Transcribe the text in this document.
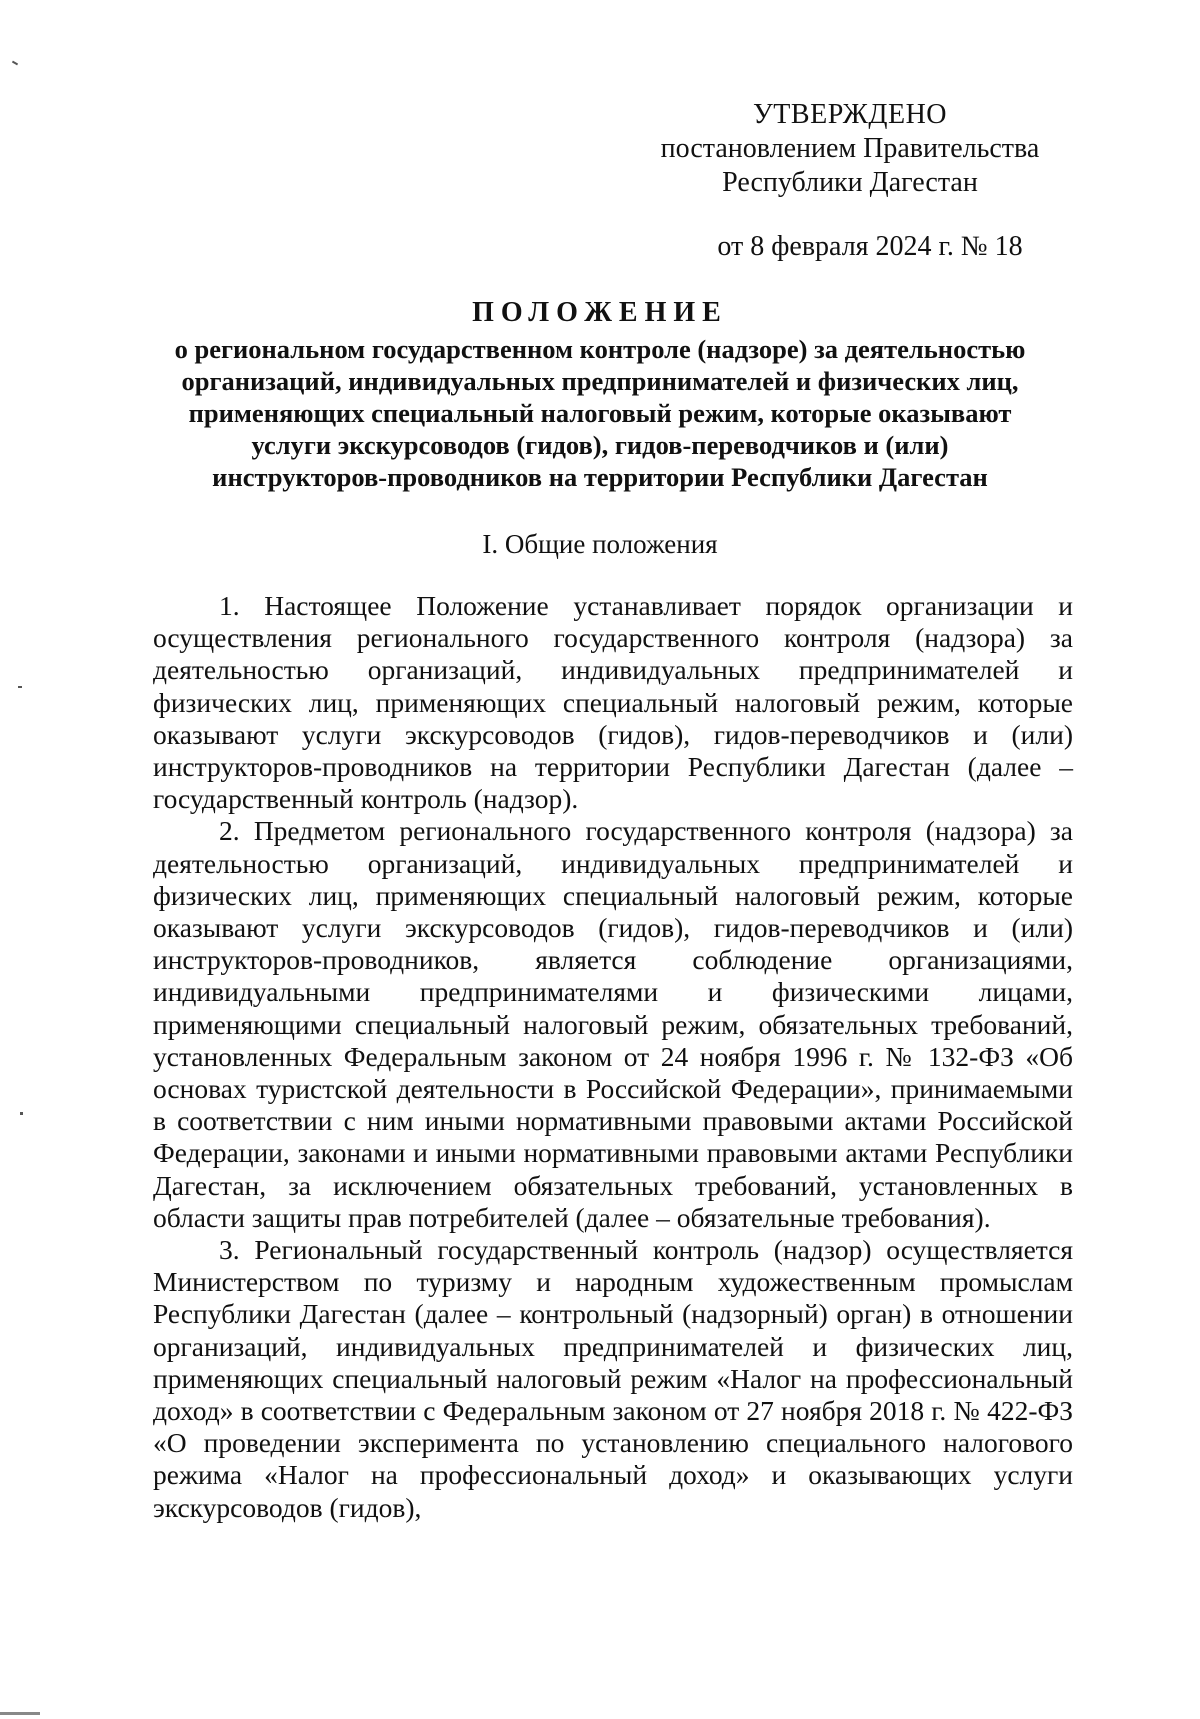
УТВЕРЖДЕНО
постановлением Правительства
Республики Дагестан
от 8 февраля 2024 г. № 18
ПОЛОЖЕНИЕ
о региональном государственном контроле (надзоре) за деятельностью
организаций, индивидуальных предпринимателей и физических лиц,
применяющих специальный налоговый режим, которые оказывают
услуги экскурсоводов (гидов), гидов-переводчиков и (или)
инструкторов-проводников на территории Республики Дагестан
I. Общие положения

1. Настоящее Положение устанавливает порядок организации и осуществления регионального государственного контроля (надзора) за деятельностью организаций, индивидуальных предпринимателей и физических лиц, применяющих специальный налоговый режим, которые оказывают услуги экскурсоводов (гидов), гидов-переводчиков и (или) инструкторов-проводников на территории Республики Дагестан (далее – государственный контроль (надзор).

2. Предметом регионального государственного контроля (надзора) за деятельностью организаций, индивидуальных предпринимателей и физических лиц, применяющих специальный налоговый режим, которые оказывают услуги экскурсоводов (гидов), гидов-переводчиков и (или) инструкторов-проводников, является соблюдение организациями, индивидуальными предпринимателями и физическими лицами, применяющими специальный налоговый режим, обязательных требований, установленных Федеральным законом от 24 ноября 1996 г. № 132-ФЗ «Об основах туристской деятельности в Российской Федерации», принимаемыми в соответствии с ним иными нормативными правовыми актами Российской Федерации, законами и иными нормативными правовыми актами Республики Дагестан, за исключением обязательных требований, установленных в области защиты прав потребителей (далее – обязательные требования).

3. Региональный государственный контроль (надзор) осуществляется Министерством по туризму и народным художественным промыслам Республики Дагестан (далее – контрольный (надзорный) орган) в отношении организаций, индивидуальных предпринимателей и физических лиц, применяющих специальный налоговый режим «Налог на профессиональный доход» в соответствии с Федеральным законом от 27 ноября 2018 г. № 422-ФЗ «О проведении эксперимента по установлению специального налогового режима «Налог на профессиональный доход» и оказывающих услуги экскурсоводов (гидов),
